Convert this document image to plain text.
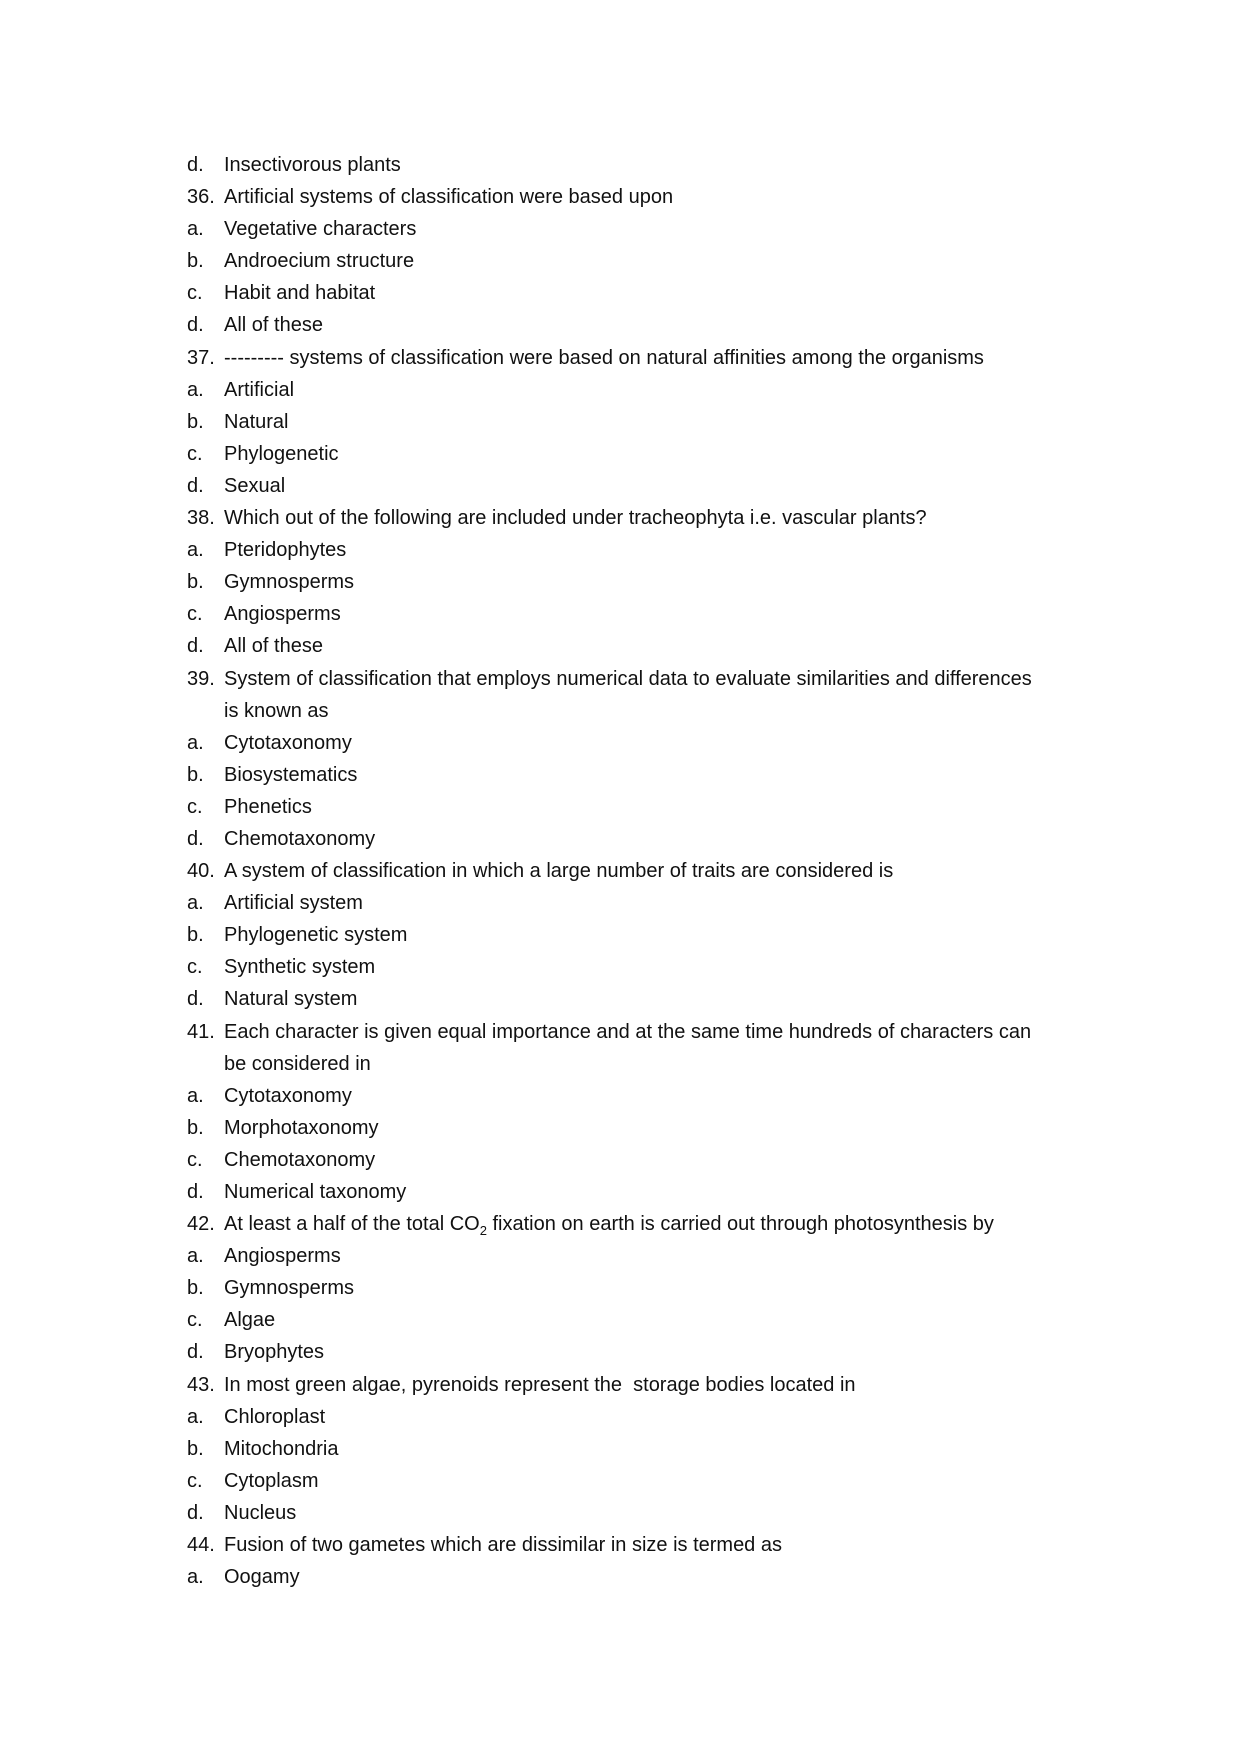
d.	Insectivorous plants
36. Artificial systems of classification were based upon
a.	Vegetative characters
b.	Androecium structure
c.	Habit and habitat
d.	All of these
37. --------- systems of classification were based on natural affinities among the organisms
a.	Artificial
b.	Natural
c.	Phylogenetic
d.	Sexual
38. Which out of the following are included under tracheophyta i.e. vascular plants?
a.	Pteridophytes
b.	Gymnosperms
c.	Angiosperms
d.	All of these
39. System of classification that employs numerical data to evaluate similarities and differences
is known as
a.	Cytotaxonomy
b.	Biosystematics
c.	Phenetics
d.	Chemotaxonomy
40. A system of classification in which a large number of traits are considered is
a.	Artificial system
b.	Phylogenetic system
c.	Synthetic system
d.	Natural system
41. Each character is given equal importance and at the same time hundreds of characters can
be considered in
a.	Cytotaxonomy
b.	Morphotaxonomy
c.	Chemotaxonomy
d.	Numerical taxonomy
42. At least a half of the total $CO_2$ fixation on earth is carried out through photosynthesis by
a.	Angiosperms
b.	Gymnosperms
c.	Algae
d.	Bryophytes
43. In most green algae, pyrenoids represent the  storage bodies located in
a.	Chloroplast
b.	Mitochondria
c.	Cytoplasm
d.	Nucleus
44. Fusion of two gametes which are dissimilar in size is termed as
a.	Oogamy
